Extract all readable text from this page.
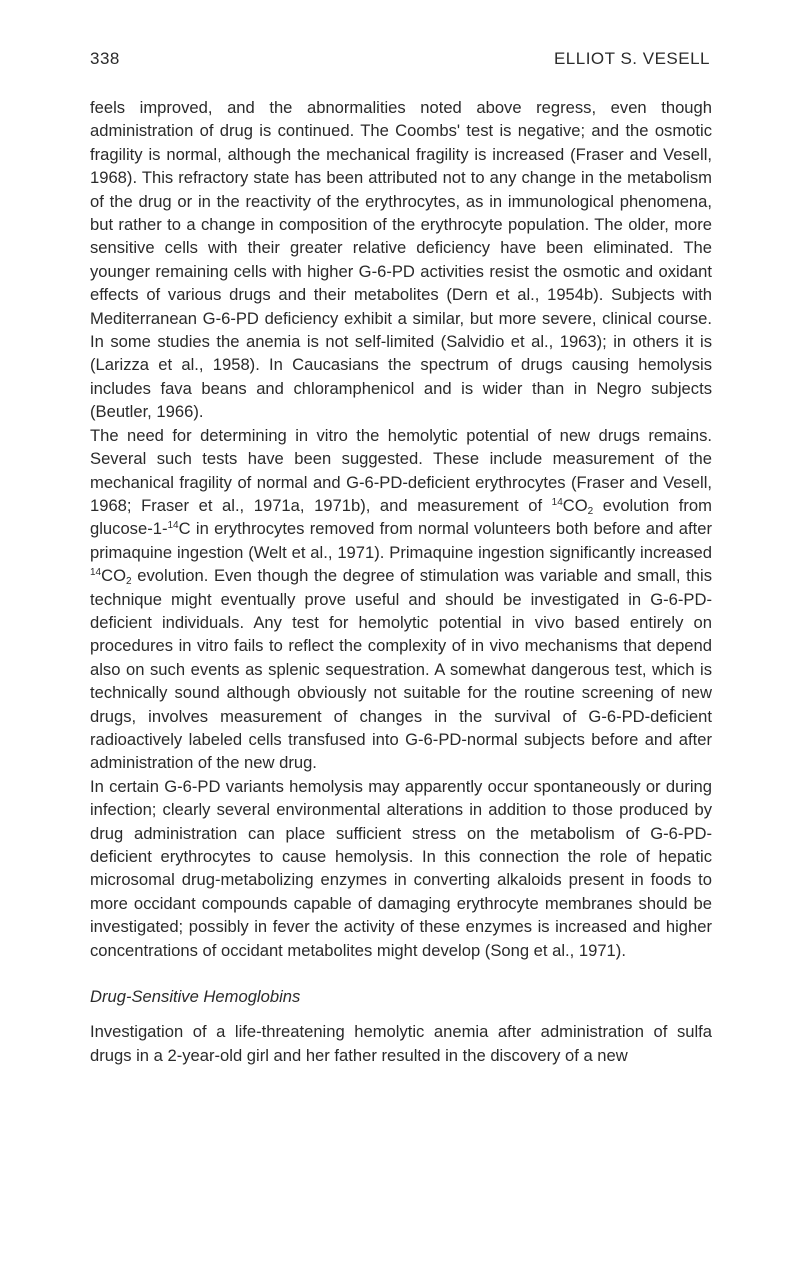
338	ELLIOT S. VESELL

feels improved, and the abnormalities noted above regress, even though administration of drug is continued. The Coombs' test is negative; and the osmotic fragility is normal, although the mechanical fragility is increased (Fraser and Vesell, 1968). This refractory state has been attributed not to any change in the metabolism of the drug or in the reactivity of the erythrocytes, as in immunological phenomena, but rather to a change in composition of the erythrocyte population. The older, more sensitive cells with their greater relative deficiency have been eliminated. The younger remaining cells with higher G-6-PD activities resist the osmotic and oxidant effects of various drugs and their metabolites (Dern et al., 1954b). Subjects with Mediterranean G-6-PD deficiency exhibit a similar, but more severe, clinical course. In some studies the anemia is not self-limited (Salvidio et al., 1963); in others it is (Larizza et al., 1958). In Caucasians the spectrum of drugs causing hemolysis includes fava beans and chloramphenicol and is wider than in Negro subjects (Beutler, 1966).

The need for determining in vitro the hemolytic potential of new drugs remains. Several such tests have been suggested. These include measurement of the mechanical fragility of normal and G-6-PD-deficient erythrocytes (Fraser and Vesell, 1968; Fraser et al., 1971a, 1971b), and measurement of $^{14}CO_2$ evolution from glucose-1-$^{14}$C in erythrocytes removed from normal volunteers both before and after primaquine ingestion (Welt et al., 1971). Primaquine ingestion significantly increased $^{14}CO_2$ evolution. Even though the degree of stimulation was variable and small, this technique might eventually prove useful and should be investigated in G-6-PD-deficient individuals. Any test for hemolytic potential in vivo based entirely on procedures in vitro fails to reflect the complexity of in vivo mechanisms that depend also on such events as splenic sequestration. A somewhat dangerous test, which is technically sound although obviously not suitable for the routine screening of new drugs, involves measurement of changes in the survival of G-6-PD-deficient radioactively labeled cells transfused into G-6-PD-normal subjects before and after administration of the new drug.

In certain G-6-PD variants hemolysis may apparently occur spontaneously or during infection; clearly several environmental alterations in addition to those produced by drug administration can place sufficient stress on the metabolism of G-6-PD-deficient erythrocytes to cause hemolysis. In this connection the role of hepatic microsomal drug-metabolizing enzymes in converting alkaloids present in foods to more occidant compounds capable of damaging erythrocyte membranes should be investigated; possibly in fever the activity of these enzymes is increased and higher concentrations of occidant metabolites might develop (Song et al., 1971).

Drug-Sensitive Hemoglobins

Investigation of a life-threatening hemolytic anemia after administration of sulfa drugs in a 2-year-old girl and her father resulted in the discovery of a new
